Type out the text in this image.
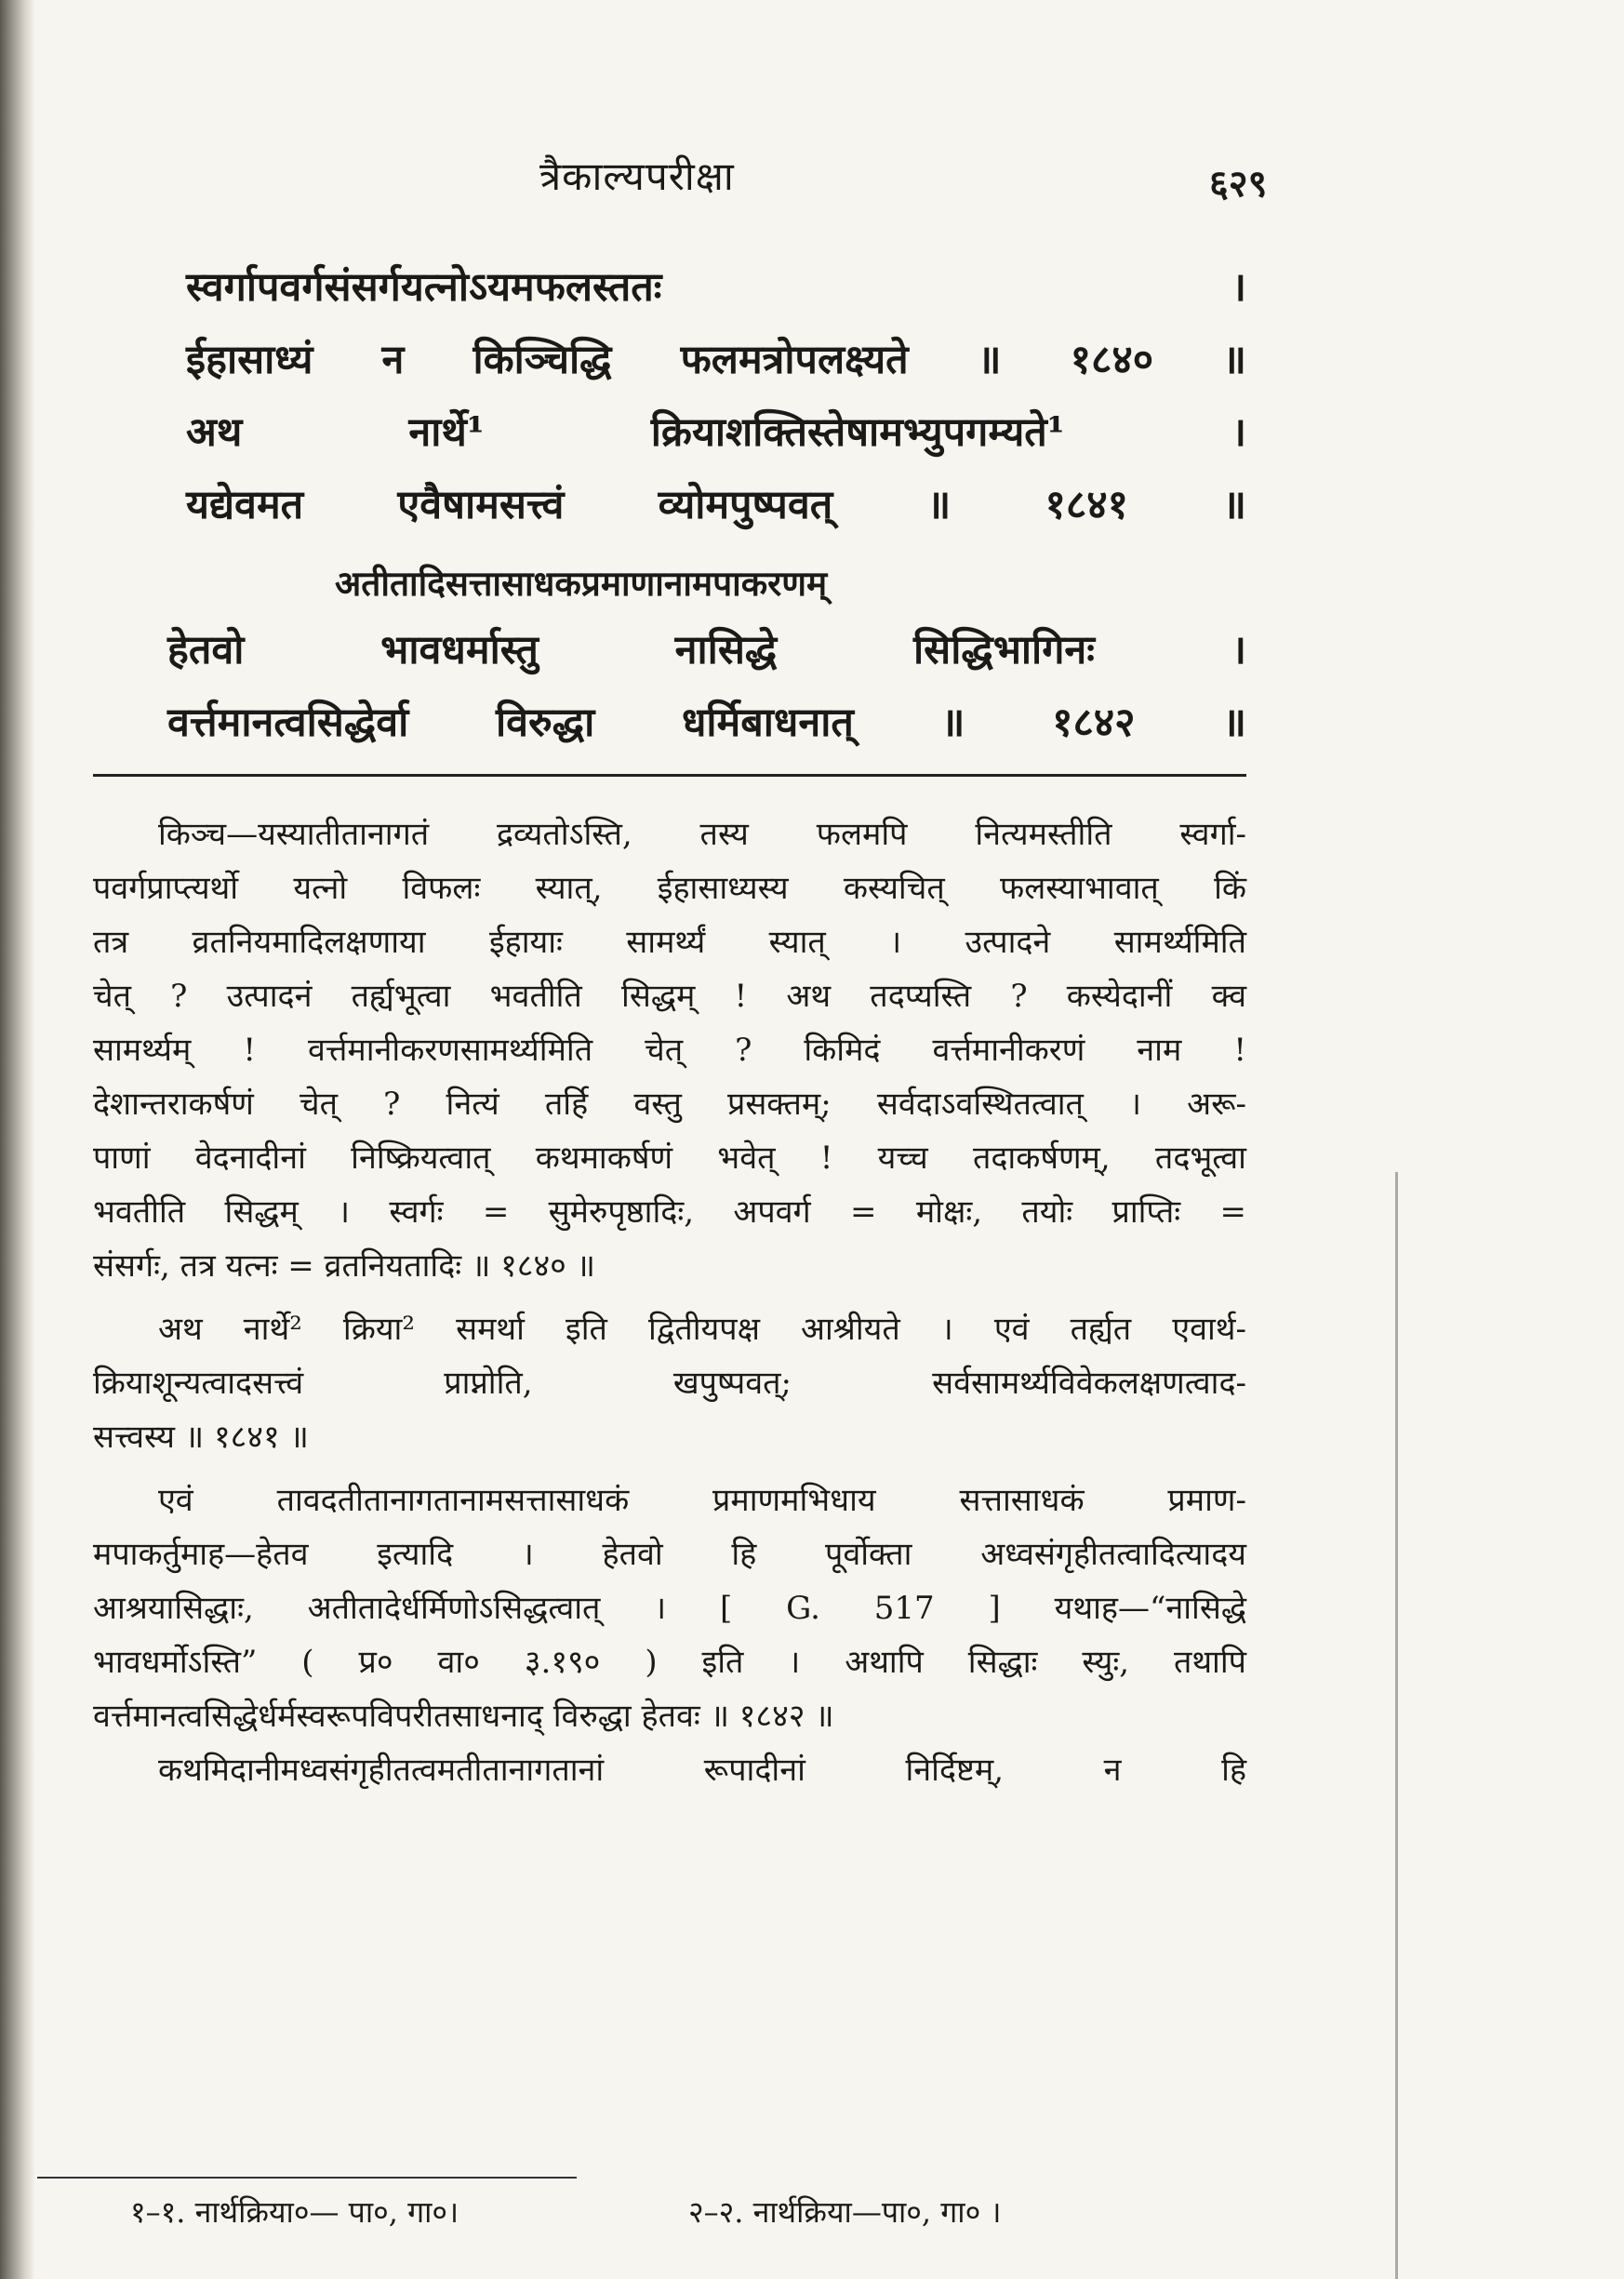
त्रैकाल्यपरीक्षा	६२९
स्वर्गापवर्गसंसर्गयत्नोऽयमफलस्ततः ।
ईहासाध्यं न किञ्चिद्धि फलमत्रोपलक्ष्यते ॥ १८४० ॥
अथ नार्थे¹ क्रियाशक्तिस्तेषामभ्युपगम्यते¹ ।
यद्येवमत एवैषामसत्त्वं व्योमपुष्पवत् ॥ १८४१ ॥
अतीतादिसत्तासाधकप्रमाणानामपाकरणम्
हेतवो भावधर्मास्तु नासिद्धे सिद्धिभागिनः ।
वर्त्तमानत्वसिद्धेर्वा विरुद्धा धर्मिबाधनात् ॥ १८४२ ॥
किञ्च—यस्यातीतानागतं द्रव्यतोऽस्ति, तस्य फलमपि नित्यमस्तीति स्वर्गा-
पवर्गप्राप्त्यर्थो यत्नो विफलः स्यात्, ईहासाध्यस्य कस्यचित् फलस्याभावात् किं
तत्र व्रतनियमादिलक्षणाया ईहायाः सामर्थ्यं स्यात् । उत्पादने सामर्थ्यमिति
चेत् ? उत्पादनं तर्ह्यभूत्वा भवतीति सिद्धम् ! अथ तदप्यस्ति ? कस्येदानीं क्व
सामर्थ्यम् ! वर्त्तमानीकरणसामर्थ्यमिति चेत् ? किमिदं वर्त्तमानीकरणं नाम !
देशान्तराकर्षणं चेत् ? नित्यं तर्हि वस्तु प्रसक्तम्; सर्वदाऽवस्थितत्वात् । अरू-
पाणां वेदनादीनां निष्क्रियत्वात् कथमाकर्षणं भवेत् ! यच्च तदाकर्षणम्, तदभूत्वा
भवतीति सिद्धम् । स्वर्गः = सुमेरुपृष्ठादिः, अपवर्ग = मोक्षः, तयोः प्राप्तिः =
संसर्गः, तत्र यत्नः = व्रतनियतादिः ॥ १८४० ॥
अथ नार्थे² क्रिया² समर्था इति द्वितीयपक्ष आश्रीयते । एवं तर्ह्यत एवार्थ-
क्रियाशून्यत्वादसत्त्वं प्राप्नोति, खपुष्पवत्; सर्वसामर्थ्यविवेकलक्षणत्वाद-
सत्त्वस्य ॥ १८४१ ॥
एवं तावदतीतानागतानामसत्तासाधकं प्रमाणमभिधाय सत्तासाधकं प्रमाण-
मपाकर्तुमाह—हेतव इत्यादि । हेतवो हि पूर्वोक्ता अध्वसंगृहीतत्वादित्यादय
आश्रयासिद्धाः, अतीतादेर्धर्मिणोऽसिद्धत्वात् । [ G. 517 ] यथाह—“नासिद्धे
भावधर्मोऽस्ति” ( प्र० वा० ३.१९० ) इति । अथापि सिद्धाः स्युः, तथापि
वर्त्तमानत्वसिद्धेर्धर्मस्वरूपविपरीतसाधनाद् विरुद्धा हेतवः ॥ १८४२ ॥
कथमिदानीमध्वसंगृहीतत्वमतीतानागतानां रूपादीनां निर्दिष्टम्, न हि
१–१. नार्थक्रिया०— पा०, गा०।	२–२. नार्थक्रिया—पा०, गा० ।
